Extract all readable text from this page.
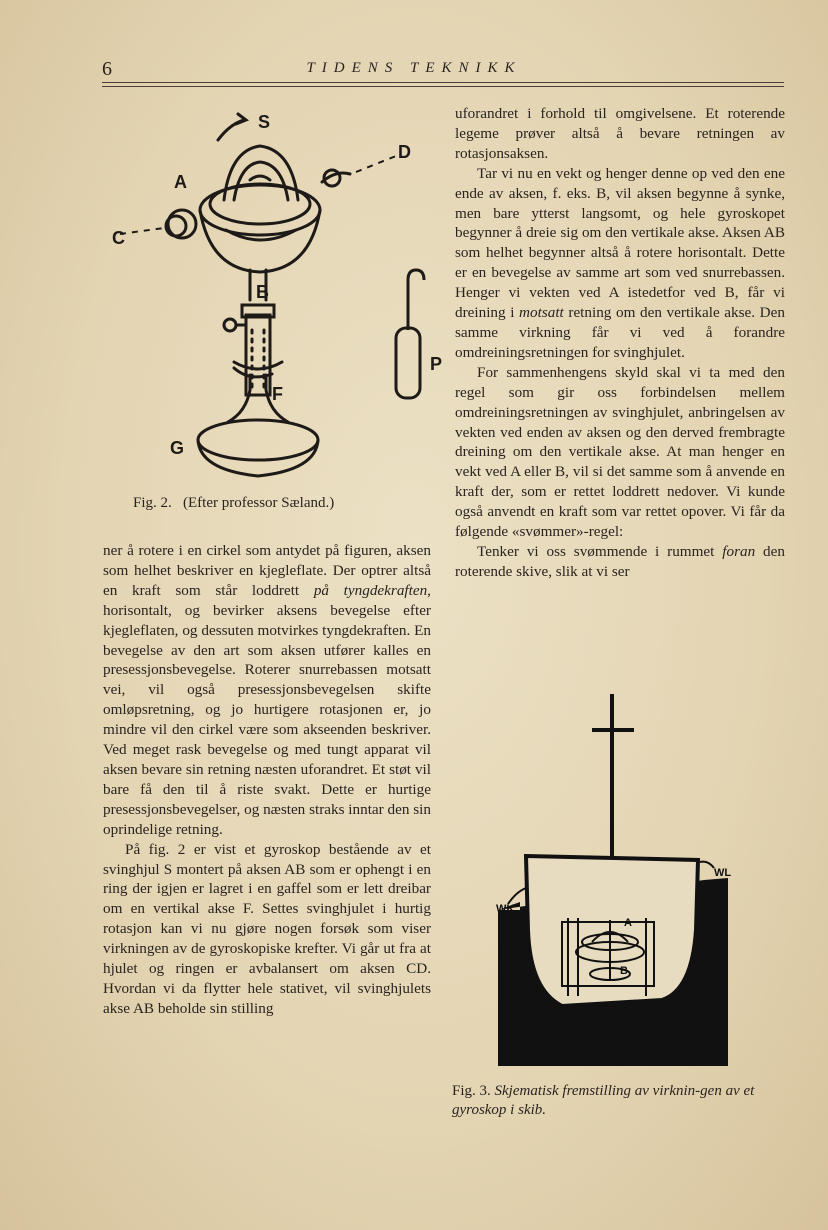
6	TIDENS TEKNIKK
S
D
A
C
B
F
P
G
Fig. 2.   (Efter professor Sæland.)

ner å rotere i en cirkel som antydet på figuren, aksen som helhet beskriver en kjegleflate. Der optrer altså en kraft som står loddrett på tyngdekraften, horisontalt, og bevirker aksens bevegelse efter kjegleflaten, og dessuten motvirkes tyngdekraften. En bevegelse av den art som aksen utfører kalles en presessjonsbevegelse. Roterer snurrebassen motsatt vei, vil også presessjonsbevegelsen skifte omløpsretning, og jo hurtigere rotasjonen er, jo mindre vil den cirkel være som akseenden beskriver. Ved meget rask bevegelse og med tungt apparat vil aksen bevare sin retning næsten uforandret. Et støt vil bare få den til å riste svakt. Dette er hurtige presessjonsbevegelser, og næsten straks inntar den sin oprindelige retning.

På fig. 2 er vist et gyroskop bestående av et svinghjul S montert på aksen AB som er ophengt i en ring der igjen er lagret i en gaffel som er lett dreibar om en vertikal akse F. Settes svinghjulet i hurtig rotasjon kan vi nu gjøre nogen forsøk som viser virkningen av de gyroskopiske krefter. Vi går ut fra at hjulet og ringen er avbalansert om aksen CD. Hvordan vi da flytter hele stativet, vil svinghjulets akse AB beholde sin stilling

uforandret i forhold til omgivelsene. Et roterende legeme prøver altså å bevare retningen av rotasjonsaksen.

Tar vi nu en vekt og henger denne op ved den ene ende av aksen, f. eks. B, vil aksen begynne å synke, men bare ytterst langsomt, og hele gyroskopet begynner å dreie sig om den vertikale akse. Aksen AB som helhet begynner altså å rotere horisontalt. Dette er en bevegelse av samme art som ved snurrebassen. Henger vi vekten ved A istedetfor ved B, får vi dreining i motsatt retning om den vertikale akse. Den samme virkning får vi ved å forandre omdreiningsretningen for svinghjulet.

For sammenhengens skyld skal vi ta med den regel som gir oss forbindelsen mellem omdreiningsretningen av svinghjulet, anbringelsen av vekten ved enden av aksen og den derved frembragte dreining om den vertikale akse. At man henger en vekt ved A eller B, vil si det samme som å anvende en kraft der, som er rettet loddrett nedover. Vi kunde også anvendt en kraft som var rettet opover. Vi får da følgende «svømmer»-regel:

Tenker vi oss svømmende i rummet foran den roterende skive, slik at vi ser

WL
WK
A
B
Fig. 3. Skjematisk fremstilling av virknin-gen av et gyroskop i skib.
